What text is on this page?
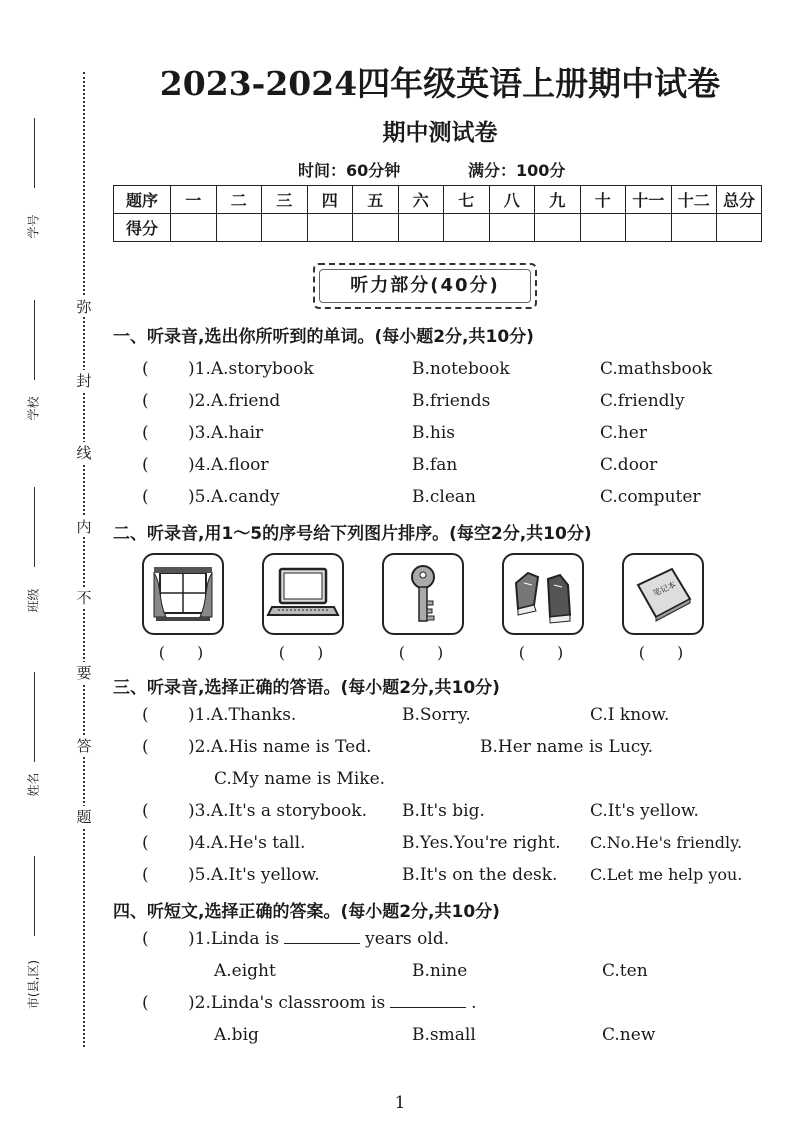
弥
封
线
内
不
要
答
题
学号
学校
班级
姓名
市(县,区)
2023-2024四年级英语上册期中试卷
期中测试卷
时间：60分钟	满分：100分
题序	一	二	三	四	五	六	七	八	九	十	十一	十二	总分
得分													
听力部分(40分)
一、听录音,选出你所听到的单词。(每小题2分,共10分)
( )1.A.storybook	B.notebook	C.mathsbook
( )2.A.friend	B.friends	C.friendly
( )3.A.hair	B.his	C.her
( )4.A.floor	B.fan	C.door
( )5.A.candy	B.clean	C.computer
二、听录音,用1～5的序号给下列图片排序。(每空2分,共10分)
笔记本
(　　)	(　　)	(　　)	(　　)	(　　)
三、听录音,选择正确的答语。(每小题2分,共10分)
( )1.A.Thanks.	B.Sorry.	C.I know.
( )2.A.His name is Ted.	B.Her name is Lucy.
C.My name is Mike.
( )3.A.It's a storybook. B.It's big.	C.It's yellow.
( )4.A.He's tall.	B.Yes.You're right. C.No.He's friendly.
( )5.A.It's yellow.	B.It's on the desk. C.Let me help you.
四、听短文,选择正确的答案。(每小题2分,共10分)
( )1.Linda is	years old.
A.eight	B.nine	C.ten
( )2.Linda's classroom is	.
A.big	B.small	C.new
1
